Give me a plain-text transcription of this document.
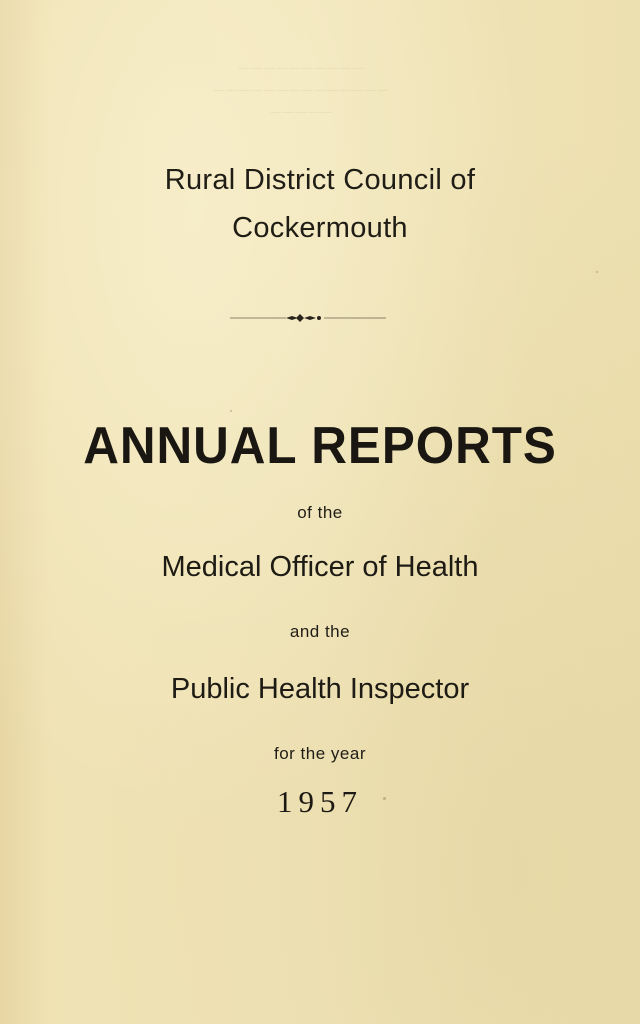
──────────
──────────────
─────
Rural District Council of
Cockermouth
ANNUAL REPORTS
of the
Medical Officer of Health
and the
Public Health Inspector
for the year
1957
